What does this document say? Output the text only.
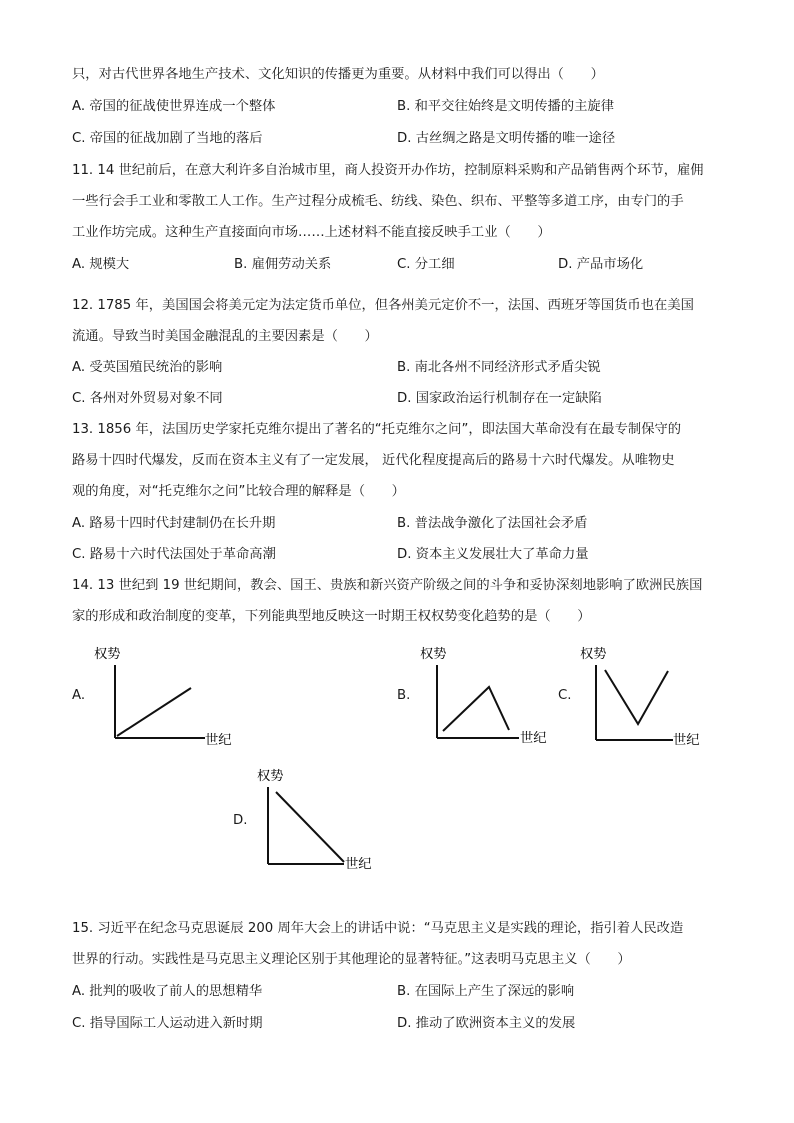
只，对古代世界各地生产技术、文化知识的传播更为重要。从材料中我们可以得出（　　）
A. 帝国的征战使世界连成一个整体	B. 和平交往始终是文明传播的主旋律
C. 帝国的征战加剧了当地的落后	D. 古丝绸之路是文明传播的唯一途径
11. 14 世纪前后，在意大利许多自治城市里，商人投资开办作坊，控制原料采购和产品销售两个环节，雇佣
一些行会手工业和零散工人工作。生产过程分成梳毛、纺线、染色、织布、平整等多道工序，由专门的手
工业作坊完成。这种生产直接面向市场……上述材料不能直接反映手工业（　　）
A. 规模大	B. 雇佣劳动关系	C. 分工细	D. 产品市场化
12. 1785 年，美国国会将美元定为法定货币单位，但各州美元定价不一，法国、西班牙等国货币也在美国
流通。导致当时美国金融混乱的主要因素是（　　）
A. 受英国殖民统治的影响	B. 南北各州不同经济形式矛盾尖锐
C. 各州对外贸易对象不同	D. 国家政治运行机制存在一定缺陷
13. 1856 年，法国历史学家托克维尔提出了著名的“托克维尔之问”，即法国大革命没有在最专制保守的
路易十四时代爆发，反而在资本主义有了一定发展， 近代化程度提高后的路易十六时代爆发。从唯物史
观的角度，对“托克维尔之问”比较合理的解释是（　　）
A. 路易十四时代封建制仍在长升期	B. 普法战争激化了法国社会矛盾
C. 路易十六时代法国处于革命高潮	D. 资本主义发展壮大了革命力量
14. 13 世纪到 19 世纪期间，教会、国王、贵族和新兴资产阶级之间的斗争和妥协深刻地影响了欧洲民族国
家的形成和政治制度的变革，下列能典型地反映这一时期王权权势变化趋势的是（　　）
A.
权势
世纪
B.
权势
世纪
C.
权势
世纪
D.
权势
世纪
15. 习近平在纪念马克思诞辰 200 周年大会上的讲话中说：“马克思主义是实践的理论，指引着人民改造
世界的行动。实践性是马克思主义理论区别于其他理论的显著特征。”这表明马克思主义（　　）
A. 批判的吸收了前人的思想精华	B. 在国际上产生了深远的影响
C. 指导国际工人运动进入新时期	D. 推动了欧洲资本主义的发展
